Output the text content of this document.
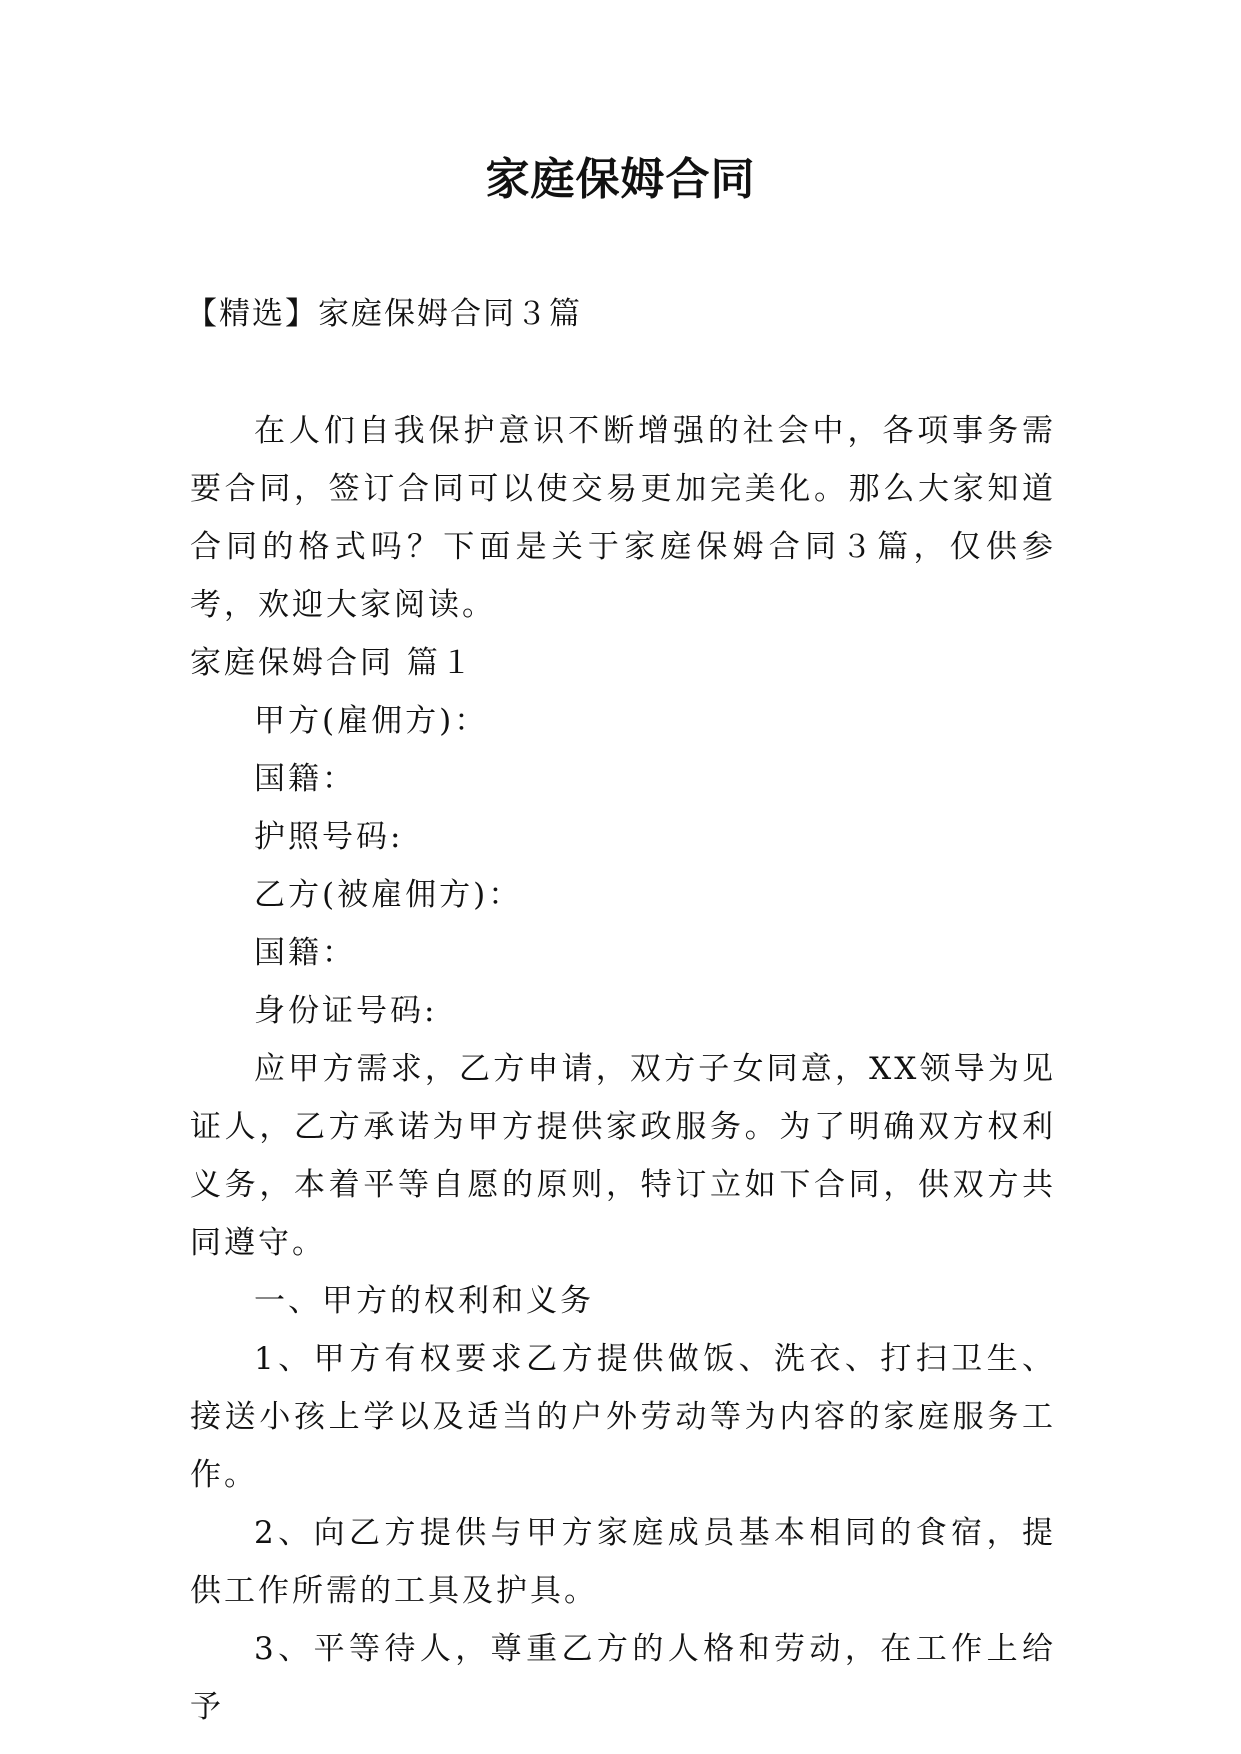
家庭保姆合同
【精选】家庭保姆合同３篇

在人们自我保护意识不断增强的社会中，各项事务需要合同，签订合同可以使交易更加完美化。那么大家知道合同的格式吗？下面是关于家庭保姆合同３篇，仅供参考，欢迎大家阅读。

家庭保姆合同 篇１

甲方(雇佣方)：

国籍：

护照号码:

乙方(被雇佣方)：

国籍：

身份证号码:

应甲方需求，乙方申请，双方子女同意，XX领导为见证人，乙方承诺为甲方提供家政服务。为了明确双方权利义务，本着平等自愿的原则，特订立如下合同，供双方共同遵守。

一、甲方的权利和义务

1、甲方有权要求乙方提供做饭、洗衣、打扫卫生、接送小孩上学以及适当的户外劳动等为内容的家庭服务工作。

2、向乙方提供与甲方家庭成员基本相同的食宿，提供工作所需的工具及护具。

3、平等待人，尊重乙方的人格和劳动，在工作上给予
